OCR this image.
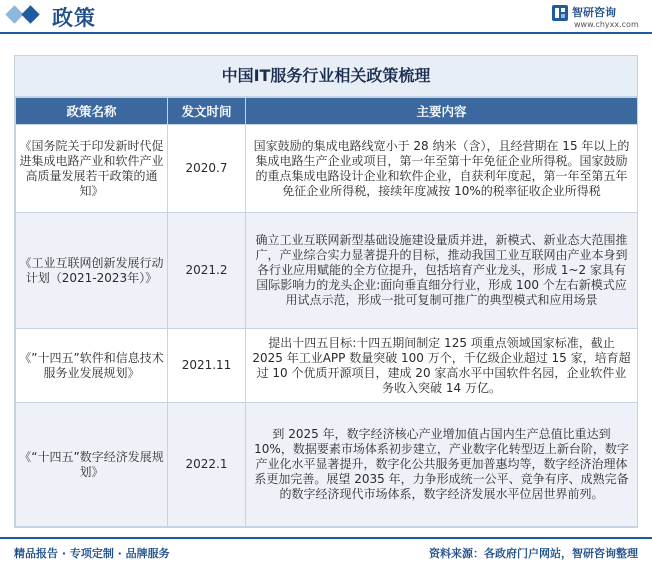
政策	智研咨询
www.chyxx.com
中国IT服务行业相关政策梳理
政策名称	发文时间	主要内容
《国务院关于印发新时代促进集成电路产业和软件产业高质量发展若干政策的通知》	2020.7	国家鼓励的集成电路线宽小于 28 纳米（含），且经营期在 15 年以上的集成电路生产企业或项目，第一年至第十年免征企业所得税。国家鼓励的重点集成电路设计企业和软件企业，自获利年度起，第一年至第五年免征企业所得税，接续年度减按 10%的税率征收企业所得税
《工业互联网创新发展行动计划（2021-2023年）》	2021.2	确立工业互联网新型基础设施建设量质并进，新模式、新业态大范围推广，产业综合实力显著提升的目标，推动我国工业互联网由产业本身到各行业应用赋能的全方位提升，包括培育产业龙头，形成 1~2 家具有国际影响力的龙头企业:面向垂直细分行业，形成 100 个左右新模式应用试点示范，形成一批可复制可推广的典型模式和应用场景
《”十四五”软件和信息技术服务业发展规划》	2021.11	提出十四五目标:十四五期间制定 125 项重点领域国家标准，截止 2025 年工业APP 数量突破 100 万个，千亿级企业超过 15 家，培育超过 10 个优质开源项目，建成 20 家高水平中国软件名园，企业软件业务收入突破 14 万亿。
《“十四五”数字经济发展规划》	2022.1	到 2025 年，数字经济核心产业增加值占国内生产总值比重达到 10%，数据要素市场体系初步建立，产业数字化转型迈上新台阶，数字产业化水平显著提升，数字化公共服务更加普惠均等，数字经济治理体系更加完善。展望 2035 年，力争形成统一公平、竞争有序、成熟完备的数字经济现代市场体系，数字经济发展水平位居世界前列。
精品报告 · 专项定制 · 品牌服务	资料来源：各政府门户网站，智研咨询整理
